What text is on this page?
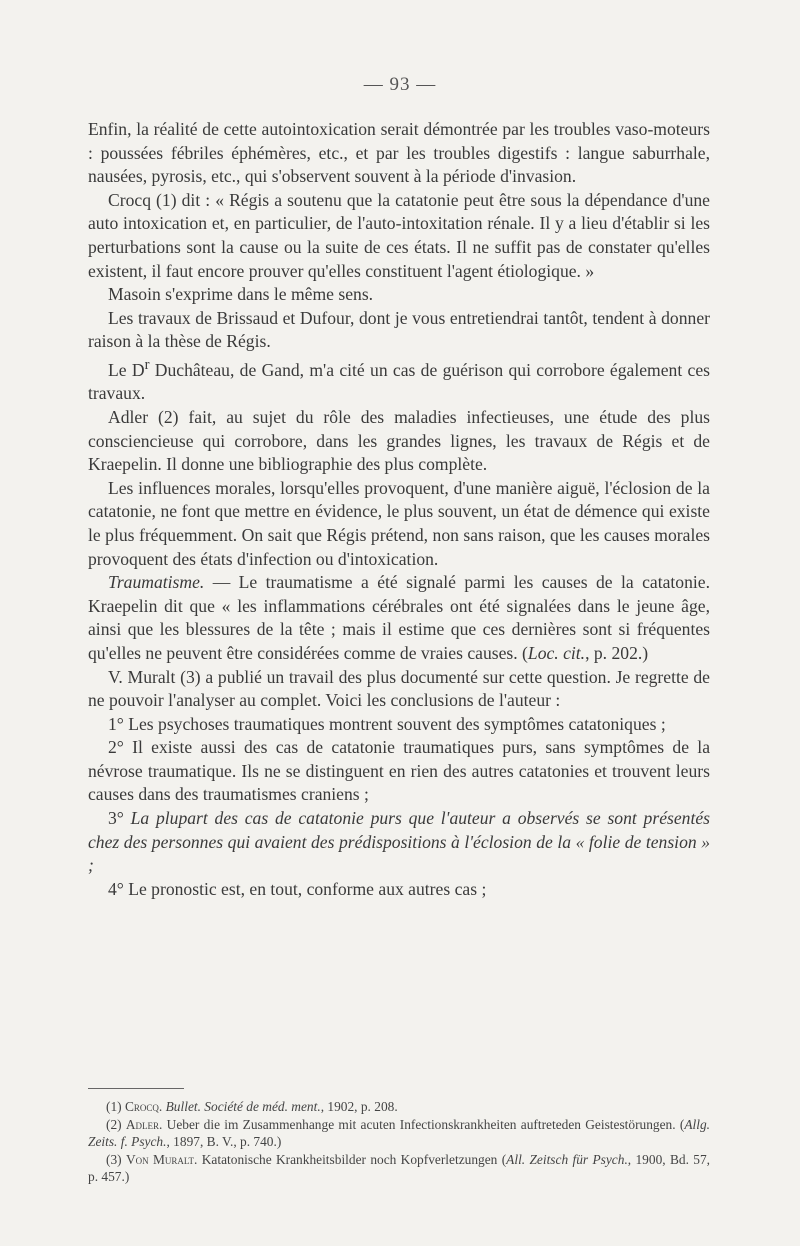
— 93 —

Enfin, la réalité de cette autointoxication serait démontrée par les troubles vaso-moteurs : poussées fébriles éphémères, etc., et par les troubles digestifs : langue saburrhale, nausées, pyrosis, etc., qui s'observent souvent à la période d'invasion.

Crocq (1) dit : « Régis a soutenu que la catatonie peut être sous la dépendance d'une auto intoxication et, en particulier, de l'auto-intoxitation rénale. Il y a lieu d'établir si les perturbations sont la cause ou la suite de ces états. Il ne suffit pas de constater qu'elles existent, il faut encore prouver qu'elles constituent l'agent étiologique. »

Masoin s'exprime dans le même sens.

Les travaux de Brissaud et Dufour, dont je vous entretiendrai tantôt, tendent à donner raison à la thèse de Régis.

Le $D^r$ Duchâteau, de Gand, m'a cité un cas de guérison qui corrobore également ces travaux.

Adler (2) fait, au sujet du rôle des maladies infectieuses, une étude des plus consciencieuse qui corrobore, dans les grandes lignes, les travaux de Régis et de Kraepelin. Il donne une bibliographie des plus complète.

Les influences morales, lorsqu'elles provoquent, d'une manière aiguë, l'éclosion de la catatonie, ne font que mettre en évidence, le plus souvent, un état de démence qui existe le plus fréquemment. On sait que Régis prétend, non sans raison, que les causes morales provoquent des états d'infection ou d'intoxication.

Traumatisme. — Le traumatisme a été signalé parmi les causes de la catatonie. Kraepelin dit que « les inflammations cérébrales ont été signalées dans le jeune âge, ainsi que les blessures de la tête ; mais il estime que ces dernières sont si fréquentes qu'elles ne peuvent être considérées comme de vraies causes. (Loc. cit., p. 202.)

V. Muralt (3) a publié un travail des plus documenté sur cette question. Je regrette de ne pouvoir l'analyser au complet. Voici les conclusions de l'auteur :

1° Les psychoses traumatiques montrent souvent des symptômes catatoniques ;

2° Il existe aussi des cas de catatonie traumatiques purs, sans symptômes de la névrose traumatique. Ils ne se distinguent en rien des autres catatonies et trouvent leurs causes dans des traumatismes craniens ;

3° La plupart des cas de catatonie purs que l'auteur a observés se sont présentés chez des personnes qui avaient des prédispositions à l'éclosion de la « folie de tension » ;

4° Le pronostic est, en tout, conforme aux autres cas ;

(1) Crocq. Bullet. Société de méd. ment., 1902, p. 208.

(2) Adler. Ueber die im Zusammenhange mit acuten Infectionskrankheiten auftreteden Geistestörungen. (Allg. Zeits. f. Psych., 1897, B. V., p. 740.)

(3) Von Muralt. Katatonische Krankheitsbilder noch Kopfverletzungen (All. Zeitsch für Psych., 1900, Bd. 57, p. 457.)
